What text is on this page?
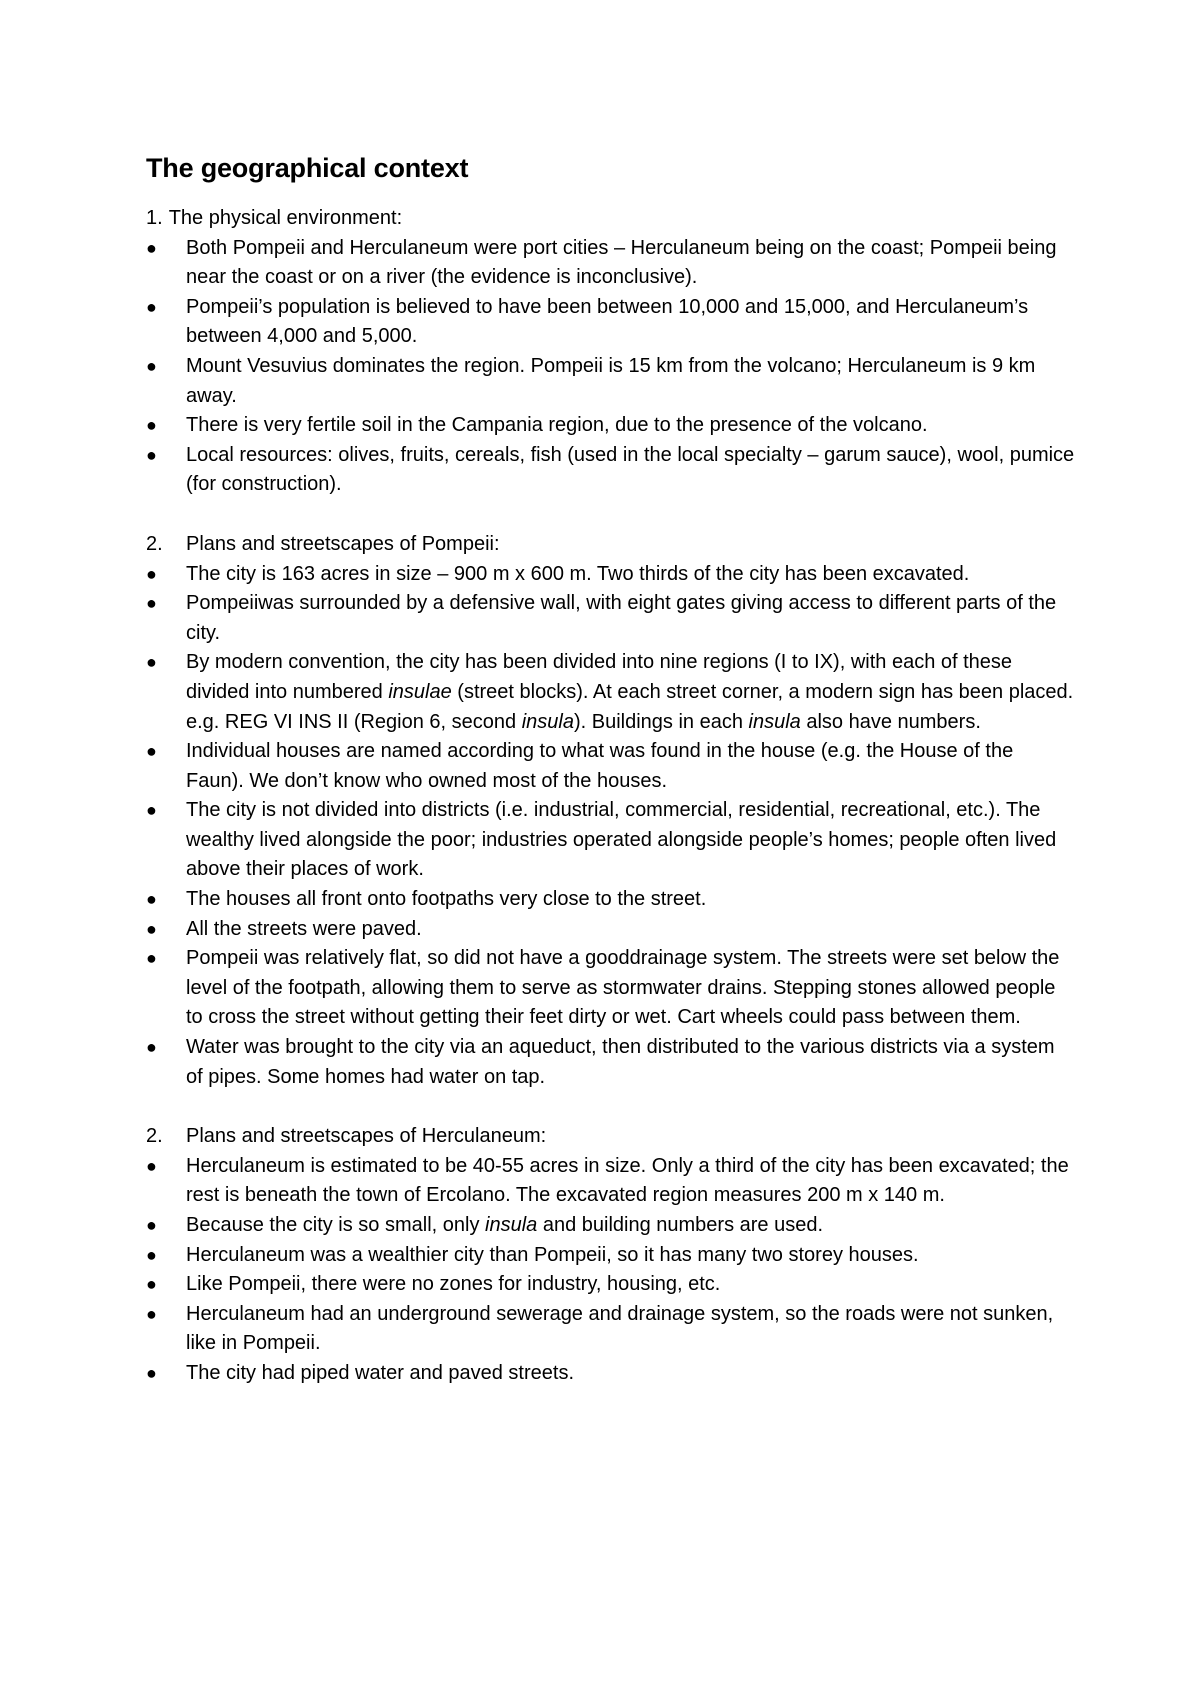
The geographical context
1. The physical environment:
● Both Pompeii and Herculaneum were port cities – Herculaneum being on the coast; Pompeii being near the coast or on a river (the evidence is inconclusive).
● Pompeii’s population is believed to have been between 10,000 and 15,000, and Herculaneum’s between 4,000 and 5,000.
● Mount Vesuvius dominates the region. Pompeii is 15 km from the volcano; Herculaneum is 9 km away.
● There is very fertile soil in the Campania region, due to the presence of the volcano.
● Local resources: olives, fruits, cereals, fish (used in the local specialty – garum sauce), wool, pumice (for construction).
2.	Plans and streetscapes of Pompeii:
● The city is 163 acres in size – 900 m x 600 m. Two thirds of the city has been excavated.
● Pompeiiwas surrounded by a defensive wall, with eight gates giving access to different parts of the city.
● By modern convention, the city has been divided into nine regions (I to IX), with each of these divided into numbered insulae (street blocks). At each street corner, a modern sign has been placed. e.g. REG VI INS II (Region 6, second insula). Buildings in each insula also have numbers.
● Individual houses are named according to what was found in the house (e.g. the House of the Faun). We don’t know who owned most of the houses.
● The city is not divided into districts (i.e. industrial, commercial, residential, recreational, etc.). The wealthy lived alongside the poor; industries operated alongside people’s homes; people often lived above their places of work.
● The houses all front onto footpaths very close to the street.
● All the streets were paved.
● Pompeii was relatively flat, so did not have a gooddrainage system. The streets were set below the level of the footpath, allowing them to serve as stormwater drains. Stepping stones allowed people to cross the street without getting their feet dirty or wet. Cart wheels could pass between them.
● Water was brought to the city via an aqueduct, then distributed to the various districts via a system of pipes. Some homes had water on tap.
2.	Plans and streetscapes of Herculaneum:
● Herculaneum is estimated to be 40-55 acres in size. Only a third of the city has been excavated; the rest is beneath the town of Ercolano. The excavated region measures 200 m x 140 m.
● Because the city is so small, only insula and building numbers are used.
● Herculaneum was a wealthier city than Pompeii, so it has many two storey houses.
● Like Pompeii, there were no zones for industry, housing, etc.
● Herculaneum had an underground sewerage and drainage system, so the roads were not sunken, like in Pompeii.
● The city had piped water and paved streets.
